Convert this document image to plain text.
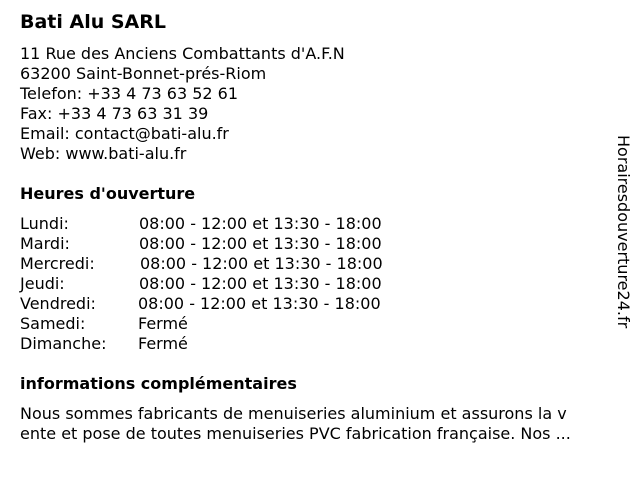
Bati Alu SARL
11 Rue des Anciens Combattants d'A.F.N
63200 Saint-Bonnet-prés-Riom
Telefon: +33 4 73 63 52 61
Fax: +33 4 73 63 31 39
Email: contact@bati-alu.fr
Web: www.bati-alu.fr
Heures d'ouverture
Lundi:	08:00 - 12:00 et 13:30 - 18:00
Mardi:	08:00 - 12:00 et 13:30 - 18:00
Mercredi:	08:00 - 12:00 et 13:30 - 18:00
Jeudi:	08:00 - 12:00 et 13:30 - 18:00
Vendredi:	08:00 - 12:00 et 13:30 - 18:00
Samedi:	Fermé
Dimanche: Fermé
informations complémentaires
Nous sommes fabricants de menuiseries aluminium et assurons la v
ente et pose de toutes menuiseries PVC fabrication française. Nos ...
Horairesdouverture24.fr
